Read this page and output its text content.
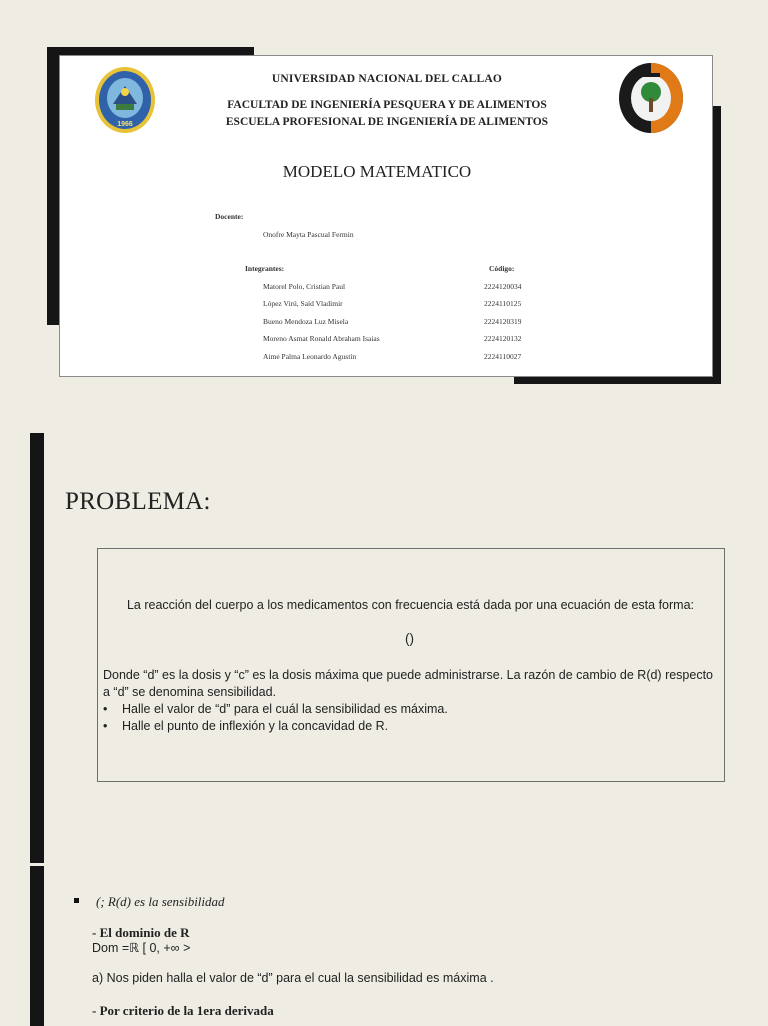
1966
UNIVERSIDAD NACIONAL DEL CALLAO
FACULTAD DE INGENIERÍA PESQUERA Y DE ALIMENTOS
ESCUELA PROFESIONAL DE INGENIERÍA DE ALIMENTOS
MODELO MATEMATICO
Docente:
Onofre Mayta Pascual Fermin
Integrantes:	Código:
Matorel Polo, Cristian Paul	2224120034
López Virú, Saíd Vladimir	2224110125
Bueno Mendoza Luz Misela	2224120319
Moreno Asmat Ronald Abraham Isaias	2224120132
Aime Palma Leonardo Agustín	2224110027
PROBLEMA:
La reacción del cuerpo a los medicamentos con frecuencia está dada por una ecuación de esta forma:
()
Donde “d” es la dosis y “c” es la dosis máxima que puede administrarse. La razón de cambio de R(d) respecto a “d” se denomina sensibilidad.
• Halle el valor de “d” para el cuál la sensibilidad es máxima.
• Halle el punto de inflexión y la concavidad de R.
(; R(d) es la sensibilidad
- El dominio de R
Dom =ℝ [ 0, +∞ >
a) Nos piden halla el valor de “d” para el cual la sensibilidad es máxima .
- Por criterio de la 1era derivada
